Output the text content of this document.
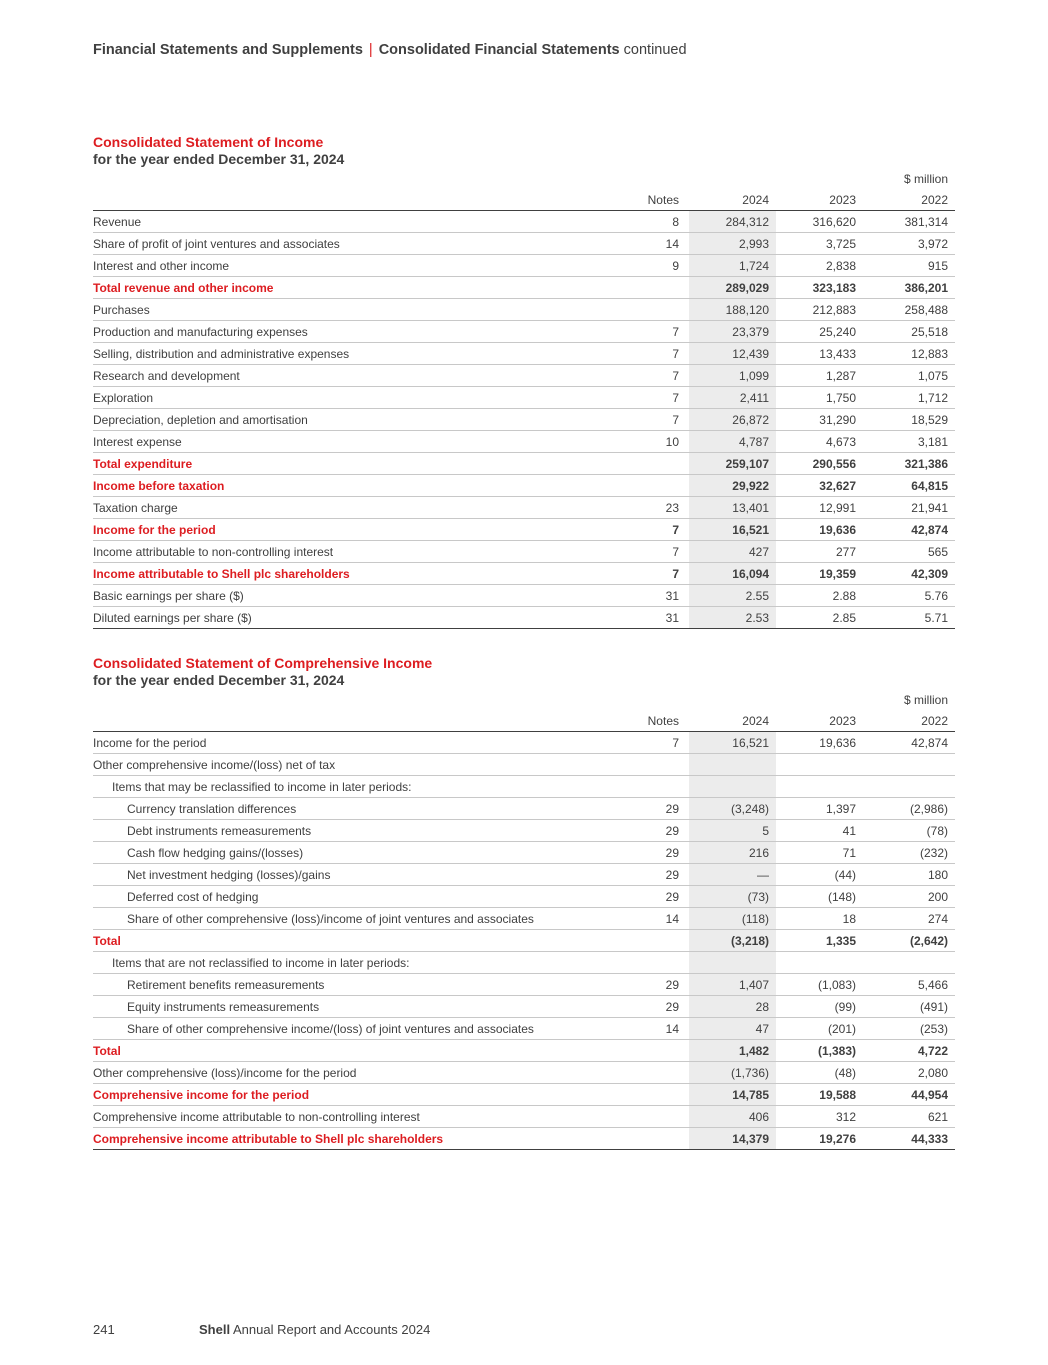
Financial Statements and Supplements | Consolidated Financial Statements continued
Consolidated Statement of Income
for the year ended December 31, 2024
				$ million
	Notes	2024	2023	2022
Revenue	8	284,312	316,620	381,314
Share of profit of joint ventures and associates	14	2,993	3,725	3,972
Interest and other income	9	1,724	2,838	915
Total revenue and other income		289,029	323,183	386,201
Purchases		188,120	212,883	258,488
Production and manufacturing expenses	7	23,379	25,240	25,518
Selling, distribution and administrative expenses	7	12,439	13,433	12,883
Research and development	7	1,099	1,287	1,075
Exploration	7	2,411	1,750	1,712
Depreciation, depletion and amortisation	7	26,872	31,290	18,529
Interest expense	10	4,787	4,673	3,181
Total expenditure		259,107	290,556	321,386
Income before taxation		29,922	32,627	64,815
Taxation charge	23	13,401	12,991	21,941
Income for the period	7	16,521	19,636	42,874
Income attributable to non-controlling interest	7	427	277	565
Income attributable to Shell plc shareholders	7	16,094	19,359	42,309
Basic earnings per share ($)	31	2.55	2.88	5.76
Diluted earnings per share ($)	31	2.53	2.85	5.71
Consolidated Statement of Comprehensive Income
for the year ended December 31, 2024
				$ million
	Notes	2024	2023	2022
Income for the period	7	16,521	19,636	42,874
Other comprehensive income/(loss) net of tax				
Items that may be reclassified to income in later periods:				
Currency translation differences	29	(3,248)	1,397	(2,986)
Debt instruments remeasurements	29	5	41	(78)
Cash flow hedging gains/(losses)	29	216	71	(232)
Net investment hedging (losses)/gains	29	—	(44)	180
Deferred cost of hedging	29	(73)	(148)	200
Share of other comprehensive (loss)/income of joint ventures and associates	14	(118)	18	274
Total		(3,218)	1,335	(2,642)
Items that are not reclassified to income in later periods:				
Retirement benefits remeasurements	29	1,407	(1,083)	5,466
Equity instruments remeasurements	29	28	(99)	(491)
Share of other comprehensive income/(loss) of joint ventures and associates	14	47	(201)	(253)
Total		1,482	(1,383)	4,722
Other comprehensive (loss)/income for the period		(1,736)	(48)	2,080
Comprehensive income for the period		14,785	19,588	44,954
Comprehensive income attributable to non-controlling interest		406	312	621
Comprehensive income attributable to Shell plc shareholders		14,379	19,276	44,333
241	Shell Annual Report and Accounts 2024
